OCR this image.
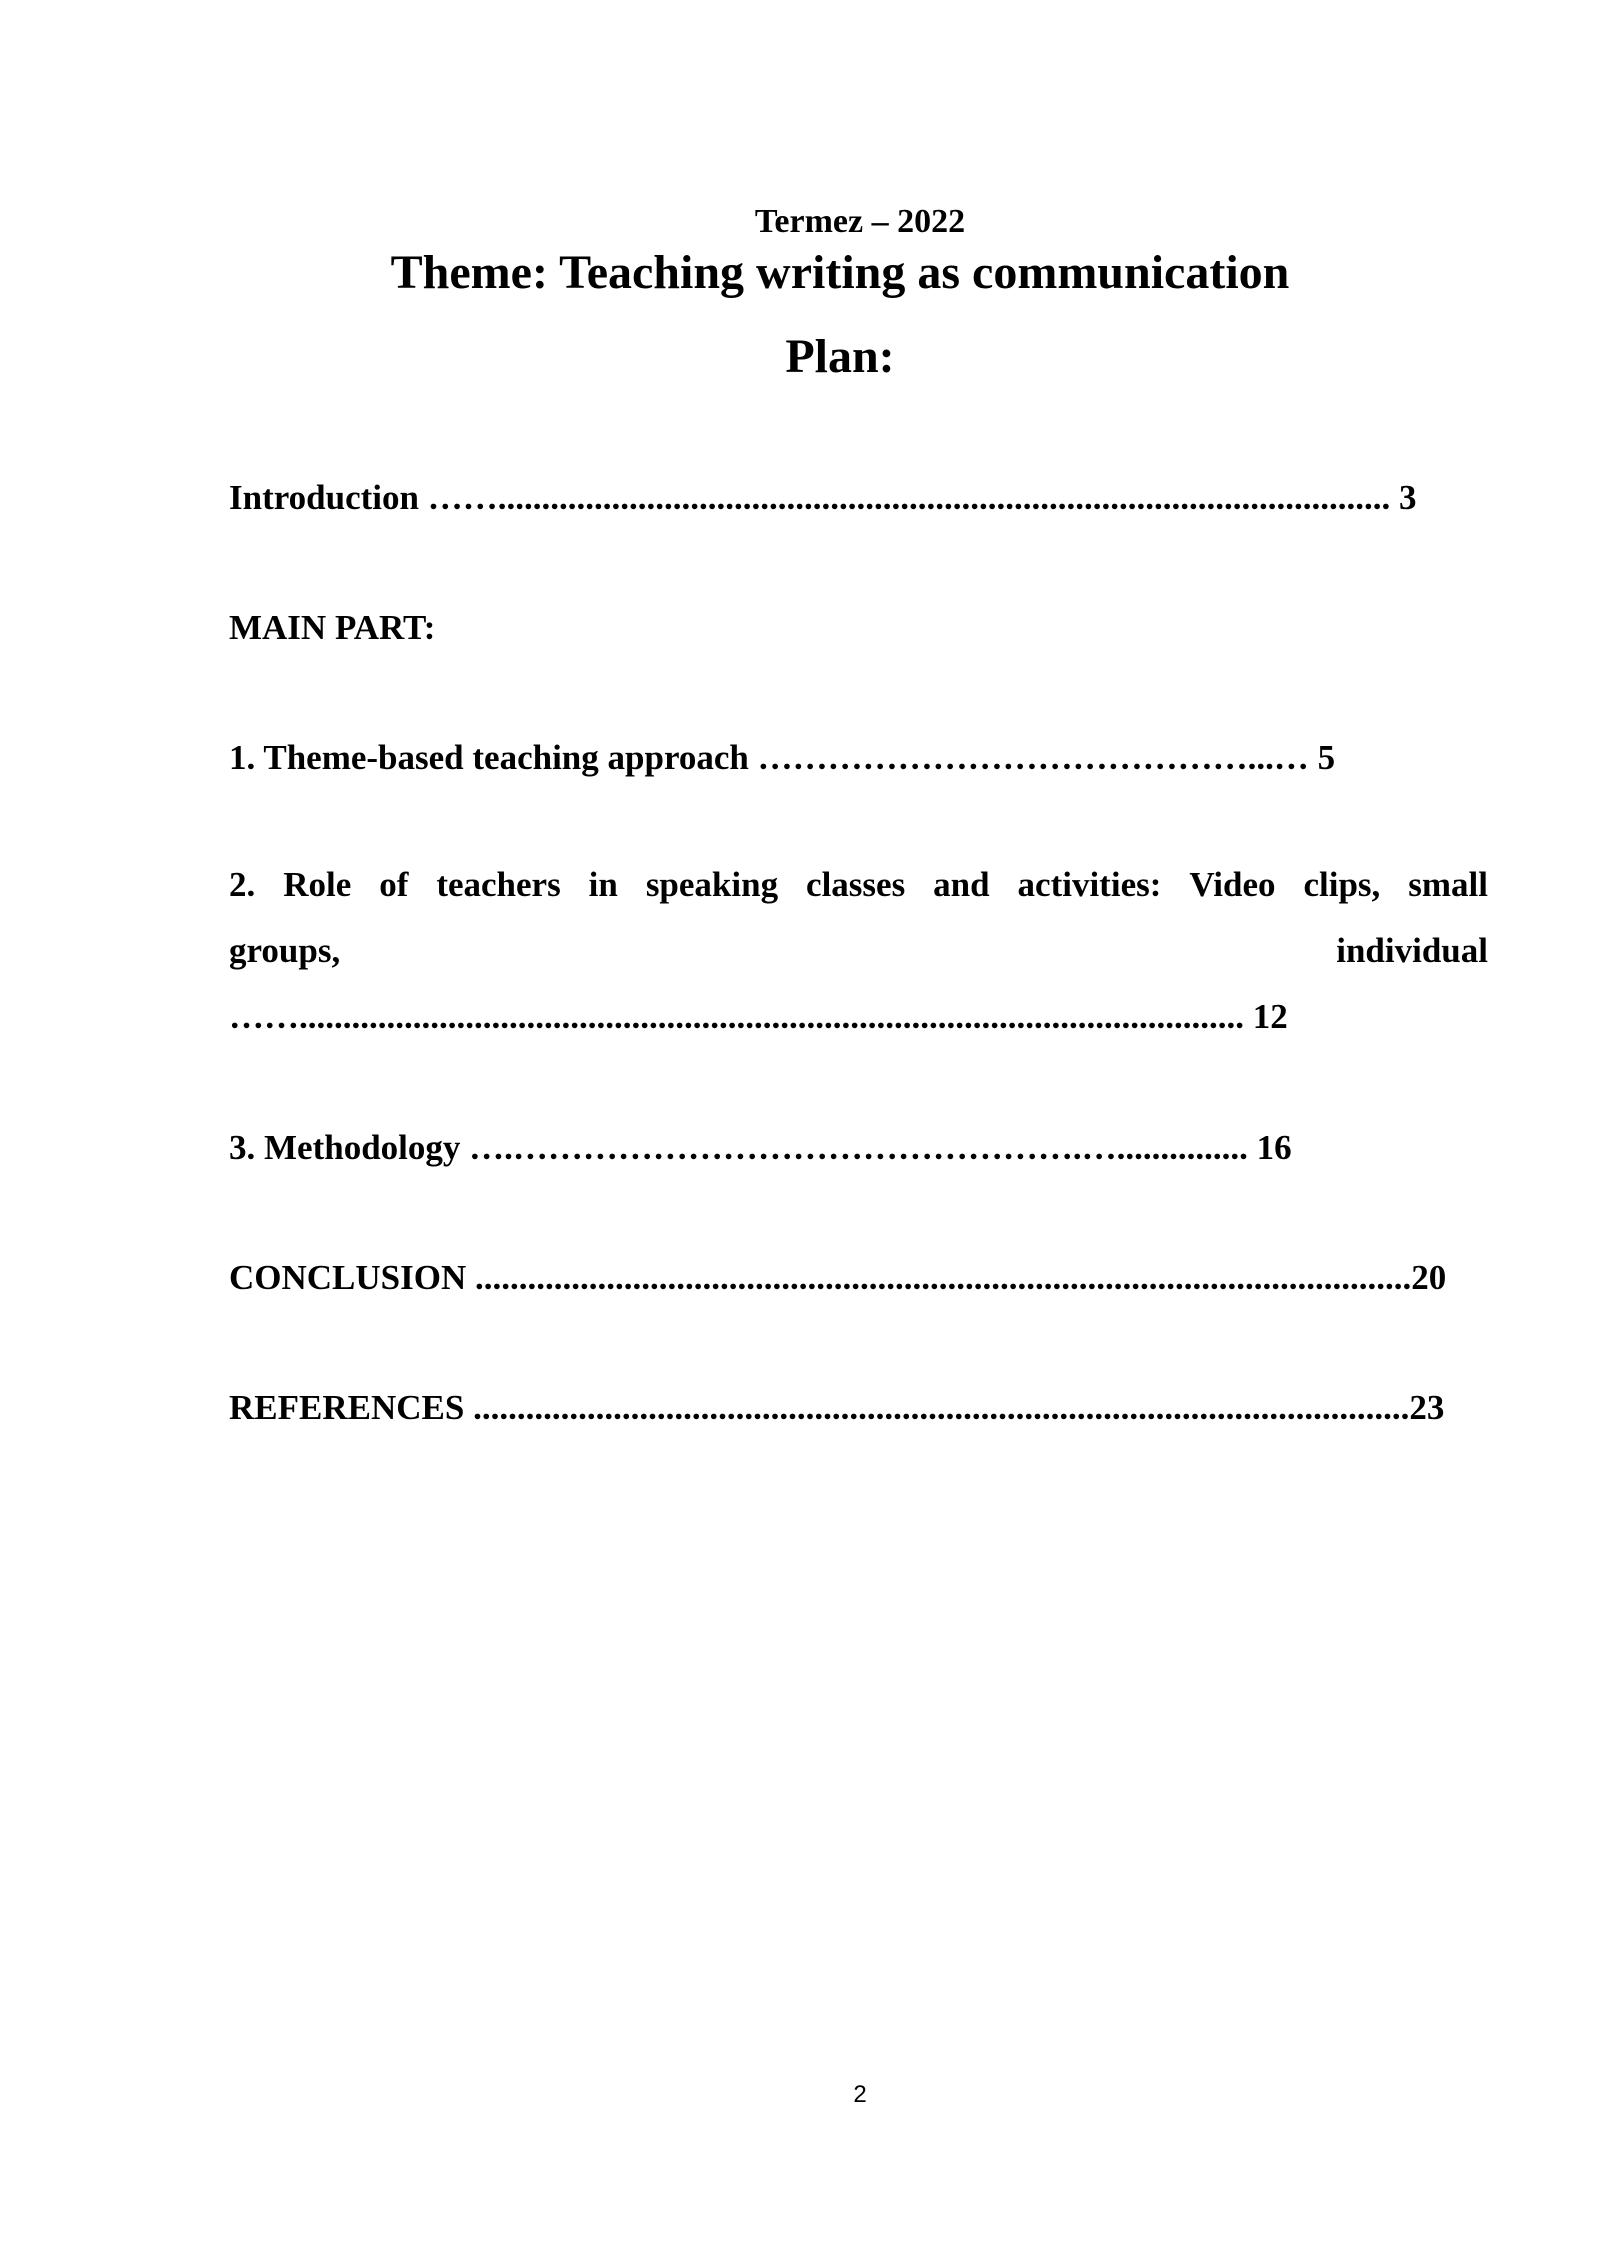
Termez – 2022
Theme: Teaching writing as communication
Plan:
Introduction ……...................................................................................................... 3
MAIN PART:
1. Theme-based teaching approach ……………………………………...… 5
2. Role of teachers in speaking classes and activities: Video clips, small
groups,	individual
……............................................................................................................ 12
3. Methodology ….………………………………………….…............... 16
CONCLUSION ...........................................................................................................20
REFERENCES ...........................................................................................................23
2
